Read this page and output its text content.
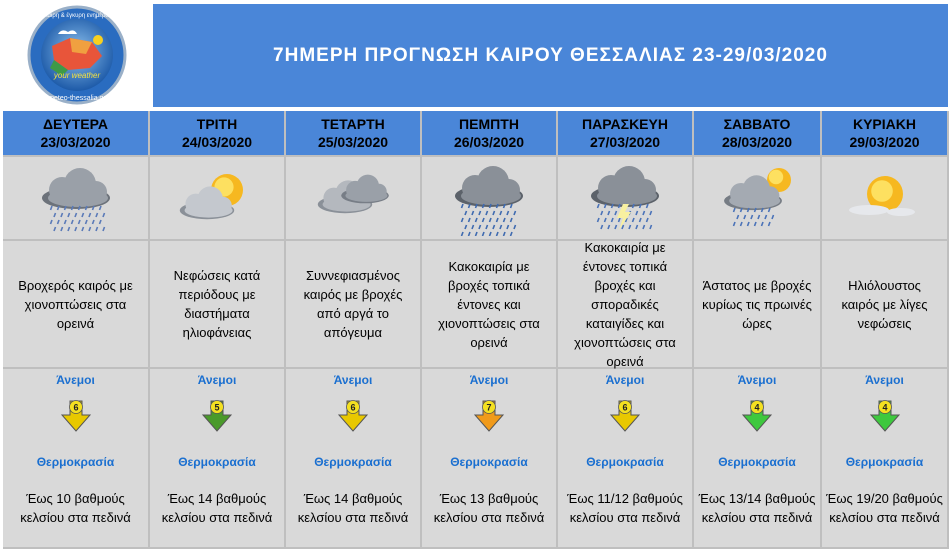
your weather
meteo-thessalia.gr
Έγκαιρη & έγκυρη ενημέρωση
7ΗΜΕΡΗ ΠΡΟΓΝΩΣΗ ΚΑΙΡΟΥ ΘΕΣΣΑΛΙΑΣ 23-29/03/2020
ΔΕΥΤΕΡΑ
23/03/2020
ΤΡΙΤΗ
24/03/2020
ΤΕΤΑΡΤΗ
25/03/2020
ΠΕΜΠΤΗ
26/03/2020
ΠΑΡΑΣΚΕΥΗ
27/03/2020
ΣΑΒΒΑΤΟ
28/03/2020
ΚΥΡΙΑΚΗ
29/03/2020
Βροχερός καιρός με χιονοπτώσεις στα ορεινά
Νεφώσεις κατά περιόδους με διαστήματα ηλιοφάνειας
Συννεφιασμένος καιρός με βροχές από αργά το απόγευμα
Κακοκαιρία με βροχές τοπικά έντονες και χιονοπτώσεις στα ορεινά
Κακοκαιρία με έντονες τοπικά βροχές και σποραδικές καταιγίδες και χιονοπτώσεις στα ορεινά
Άστατος με βροχές κυρίως τις πρωινές ώρες
Ηλιόλουστος καιρός με λίγες νεφώσεις
Άνεμοι
6
Θερμοκρασία
Έως 10 βαθμούς κελσίου στα πεδινά
Άνεμοι
5
Θερμοκρασία
Έως 14 βαθμούς κελσίου στα πεδινά
Άνεμοι
6
Θερμοκρασία
Έως 14 βαθμούς κελσίου στα πεδινά
Άνεμοι
7
Θερμοκρασία
Έως 13 βαθμούς κελσίου στα πεδινά
Άνεμοι
6
Θερμοκρασία
Έως 11/12 βαθμούς κελσίου στα πεδινά
Άνεμοι
4
Θερμοκρασία
Έως 13/14 βαθμούς κελσίου στα πεδινά
Άνεμοι
4
Θερμοκρασία
Έως 19/20 βαθμούς κελσίου στα πεδινά
